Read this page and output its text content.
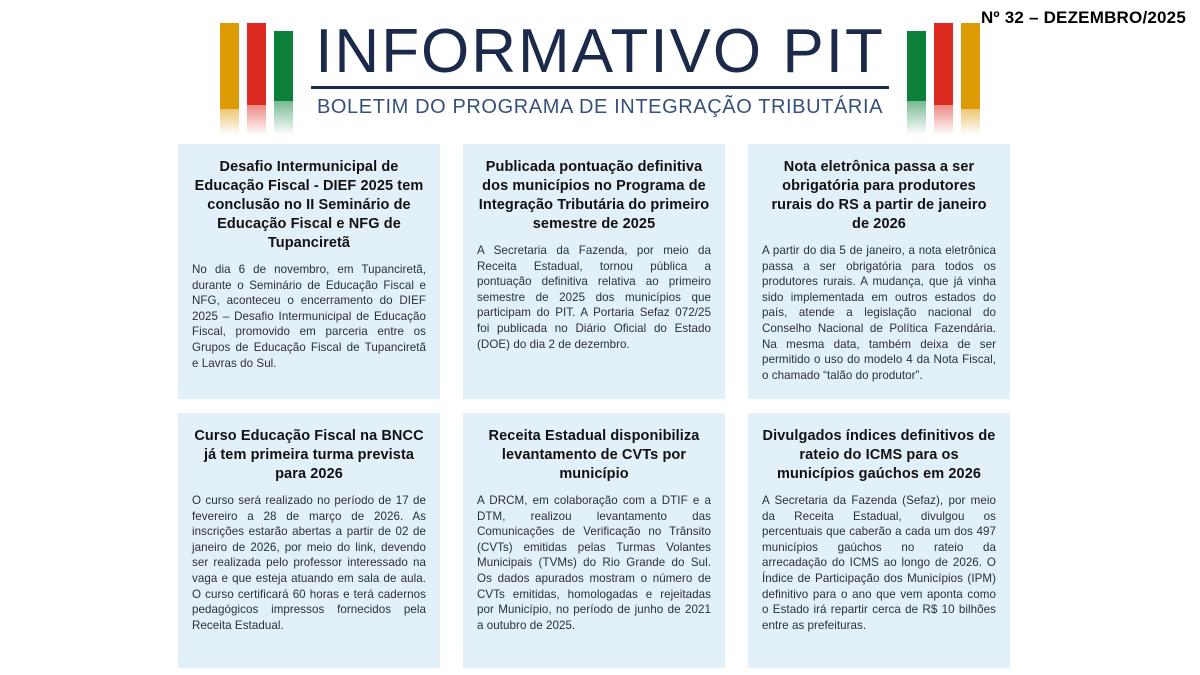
Nº 32 – DEZEMBRO/2025
INFORMATIVO PIT
BOLETIM DO PROGRAMA DE INTEGRAÇÃO TRIBUTÁRIA
Desafio Intermunicipal de Educação Fiscal - DIEF 2025 tem conclusão no II Seminário de Educação Fiscal e NFG de Tupanciretã

No dia 6 de novembro, em Tupanciretã, durante o Seminário de Educação Fiscal e NFG, aconteceu o encerramento do DIEF 2025 – Desafio Intermunicipal de Educação Fiscal, promovido em parceria entre os Grupos de Educação Fiscal de Tupanciretã e Lavras do Sul.

Publicada pontuação definitiva dos municípios no Programa de Integração Tributária do primeiro semestre de 2025

A Secretaria da Fazenda, por meio da Receita Estadual, tornou pública a pontuação definitiva relativa ao primeiro semestre de 2025 dos municípios que participam do PIT. A Portaria Sefaz 072/25 foi publicada no Diário Oficial do Estado (DOE) do dia 2 de dezembro.

Nota eletrônica passa a ser obrigatória para produtores rurais do RS a partir de janeiro de 2026

A partir do dia 5 de janeiro, a nota eletrônica passa a ser obrigatória para todos os produtores rurais. A mudança, que já vinha sido implementada em outros estados do país, atende a legislação nacional do Conselho Nacional de Política Fazendária. Na mesma data, também deixa de ser permitido o uso do modelo 4 da Nota Fiscal, o chamado “talão do produtor”.

Curso Educação Fiscal na BNCC já tem primeira turma prevista para 2026

O curso será realizado no período de 17 de fevereiro a 28 de março de 2026. As inscrições estarão abertas a partir de 02 de janeiro de 2026, por meio do link, devendo ser realizada pelo professor interessado na vaga e que esteja atuando em sala de aula. O curso certificará 60 horas e terá cadernos pedagógicos impressos fornecidos pela Receita Estadual.

Receita Estadual disponibiliza levantamento de CVTs por município

A DRCM, em colaboração com a DTIF e a DTM, realizou levantamento das Comunicações de Verificação no Trânsito (CVTs) emitidas pelas Turmas Volantes Municipais (TVMs) do Rio Grande do Sul. Os dados apurados mostram o número de CVTs emitidas, homologadas e rejeitadas por Município, no período de junho de 2021 a outubro de 2025.

Divulgados índices definitivos de rateio do ICMS para os municípios gaúchos em 2026

A Secretaria da Fazenda (Sefaz), por meio da Receita Estadual, divulgou os percentuais que caberão a cada um dos 497 municípios gaúchos no rateio da arrecadação do ICMS ao longo de 2026. O Índice de Participação dos Municípios (IPM) definitivo para o ano que vem aponta como o Estado irá repartir cerca de R$ 10 bilhões entre as prefeituras.
